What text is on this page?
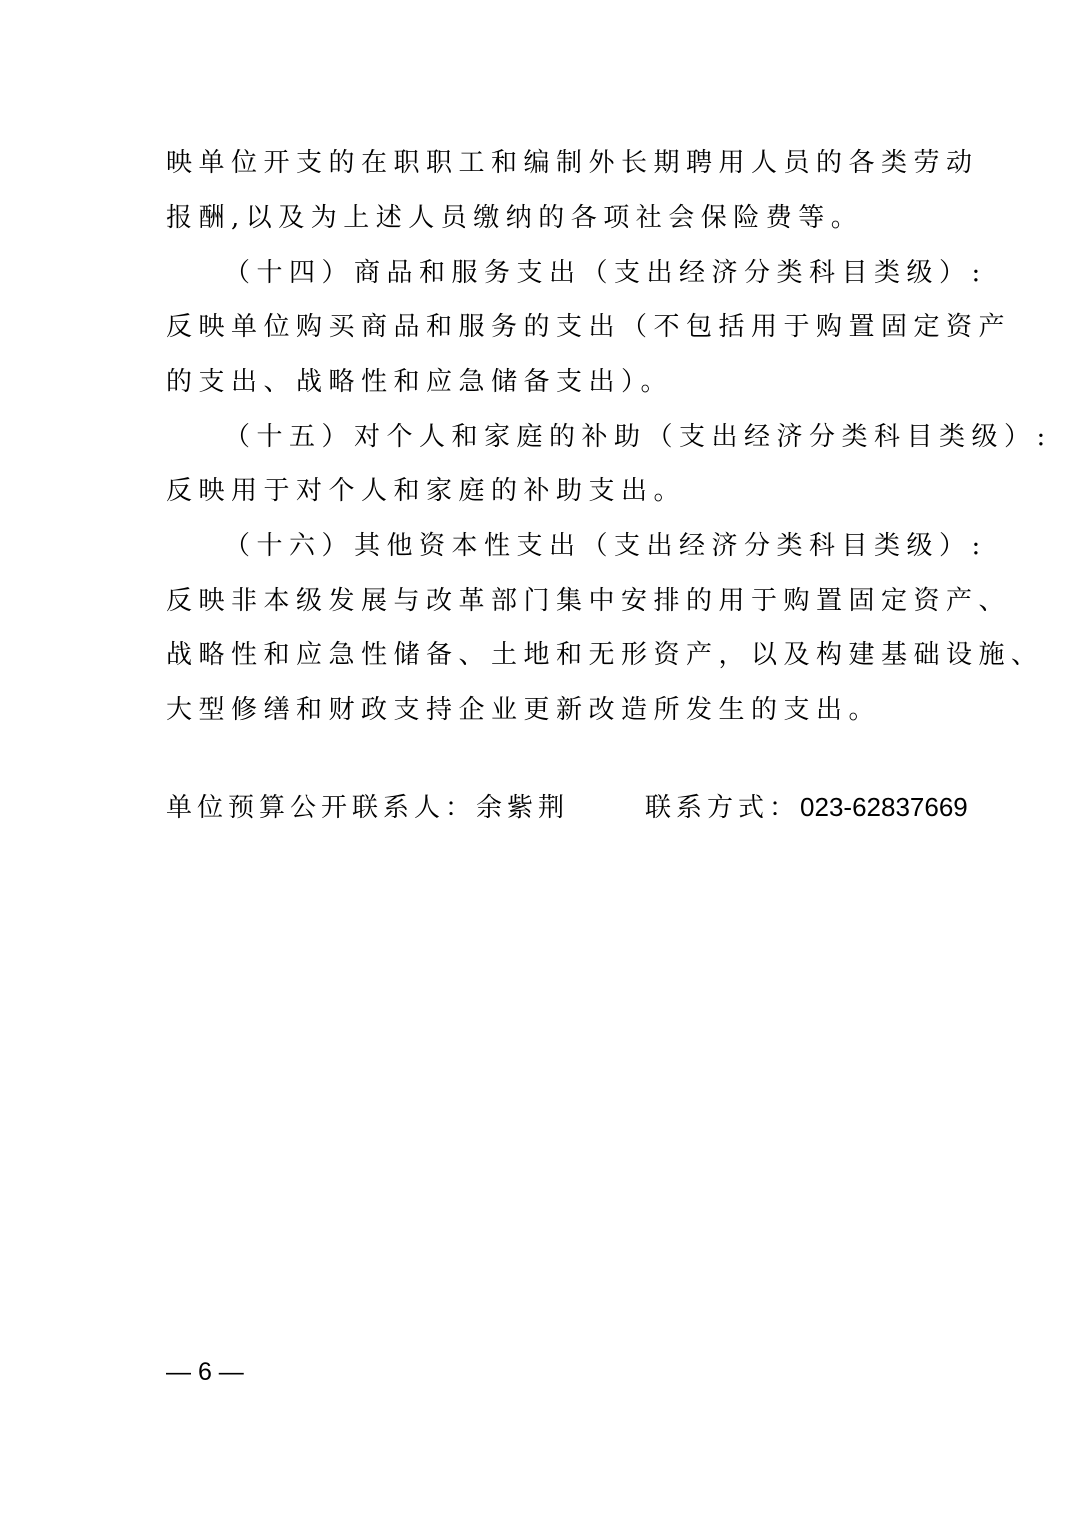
映单位开支的在职职工和编制外长期聘用人员的各类劳动
报酬,以及为上述人员缴纳的各项社会保险费等。
（十四）商品和服务支出（支出经济分类科目类级）:
反映单位购买商品和服务的支出（不包括用于购置固定资产
的支出、战略性和应急储备支出）。
（十五）对个人和家庭的补助（支出经济分类科目类级）:
反映用于对个人和家庭的补助支出。
（十六）其他资本性支出（支出经济分类科目类级）:
反映非本级发展与改革部门集中安排的用于购置固定资产、
战略性和应急性储备、土地和无形资产，以及构建基础设施、
大型修缮和财政支持企业更新改造所发生的支出。
单位预算公开联系人：余紫荆	联系方式：023-62837669
— 6 —
